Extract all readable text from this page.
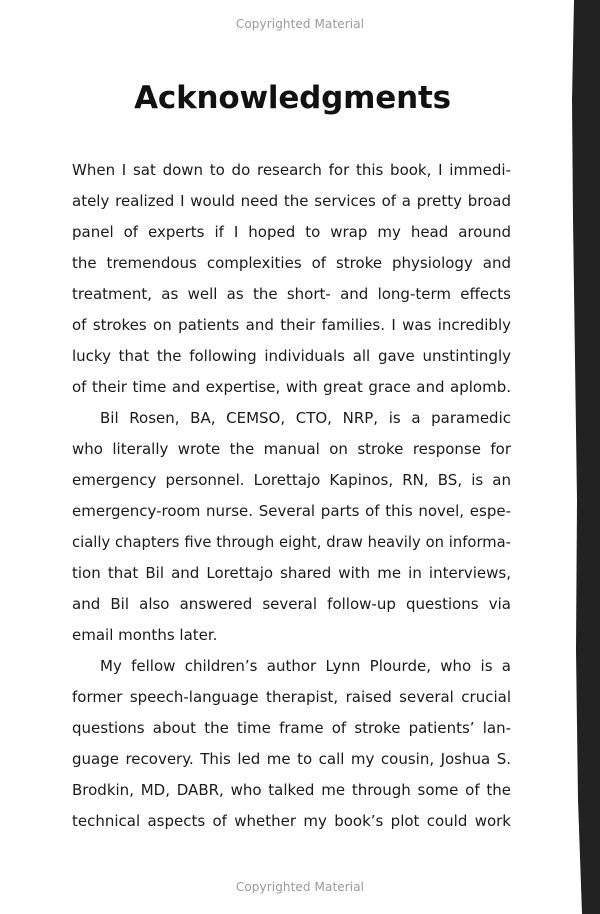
Copyrighted Material
Acknowledgments
When I sat down to do research for this book, I immedi-
ately realized I would need the services of a pretty broad
panel of experts if I hoped to wrap my head around
the tremendous complexities of stroke physiology and
treatment, as well as the short- and long-term effects
of strokes on patients and their families. I was incredibly
lucky that the following individuals all gave unstintingly
of their time and expertise, with great grace and aplomb.
Bil Rosen, BA, CEMSO, CTO, NRP, is a paramedic
who literally wrote the manual on stroke response for
emergency personnel. Lorettajo Kapinos, RN, BS, is an
emergency-room nurse. Several parts of this novel, espe-
cially chapters five through eight, draw heavily on informa-
tion that Bil and Lorettajo shared with me in interviews,
and Bil also answered several follow-up questions via
email months later.
My fellow children’s author Lynn Plourde, who is a
former speech-language therapist, raised several crucial
questions about the time frame of stroke patients’ lan-
guage recovery. This led me to call my cousin, Joshua S.
Brodkin, MD, DABR, who talked me through some of the
technical aspects of whether my book’s plot could work
Copyrighted Material
